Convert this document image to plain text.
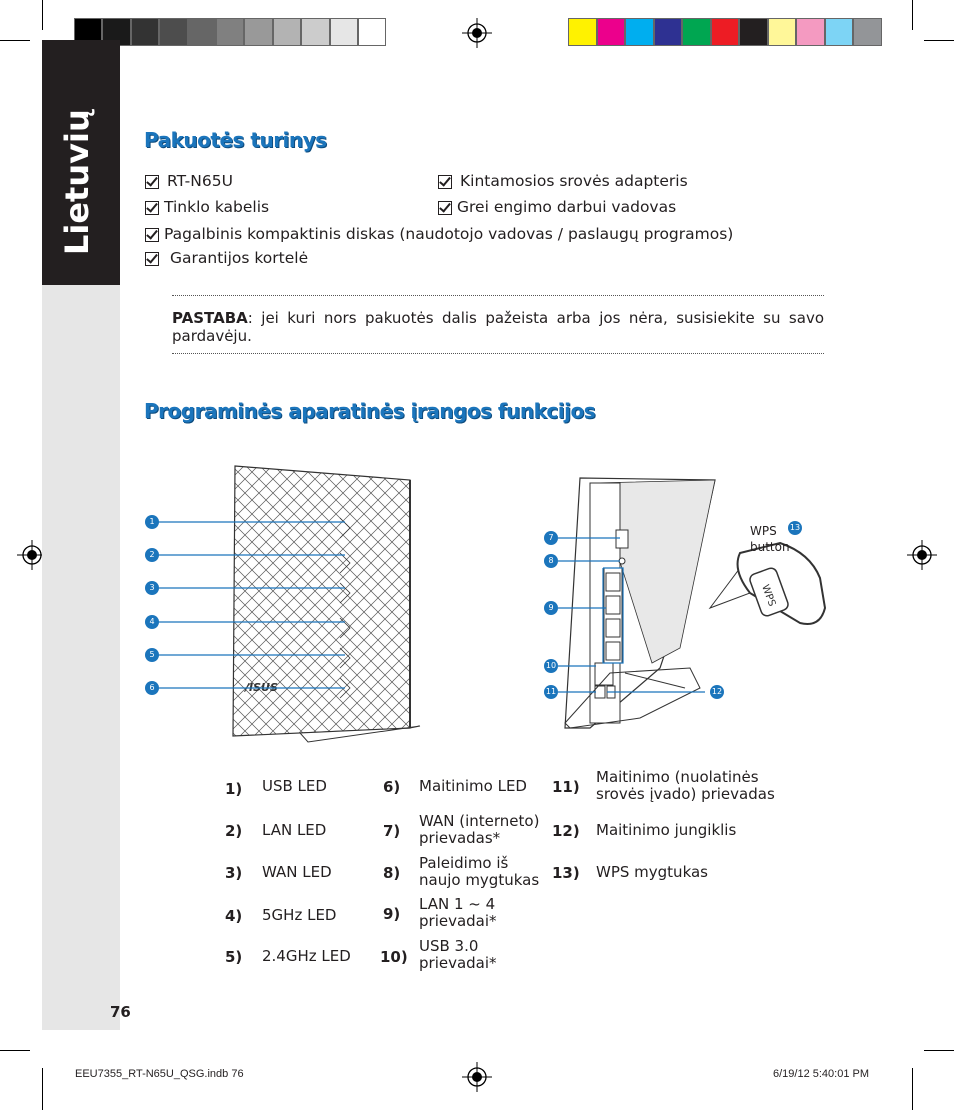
Lietuvių Pakuotės turinys
RT-N65U	Kintamosios srovės adapteris
Tinklo kabelis	Grei engimo darbui vadovas
Pagalbinis kompaktinis diskas (naudotojo vadovas / paslaugų programos)
Garantijos kortelė
PASTABA: jei kuri nors pakuotės dalis pažeista arba jos nėra, susisiekite su savo pardavėju.
Programinės aparatinės įrangos funkcijos
/ISUS
WPS
WPS
button
1
2
3
4
5
6
7
8
9
10
11	12
13
1) USB LED
2) LAN LED
3) WAN LED
4) 5GHz LED
5) 2.4GHz LED
6) Maitinimo LED
7)
WAN (interneto) prievadas*
8)
Paleidimo iš naujo mygtukas
9)
LAN 1 ~ 4 prievadai*
10)
USB 3.0 prievadai*
11)
Maitinimo (nuolatinės srovės įvado) prievadas
12) Maitinimo jungiklis
13) WPS mygtukas
76
EEU7355_RT-N65U_QSG.indb 76	6/19/12 5:40:01 PM
